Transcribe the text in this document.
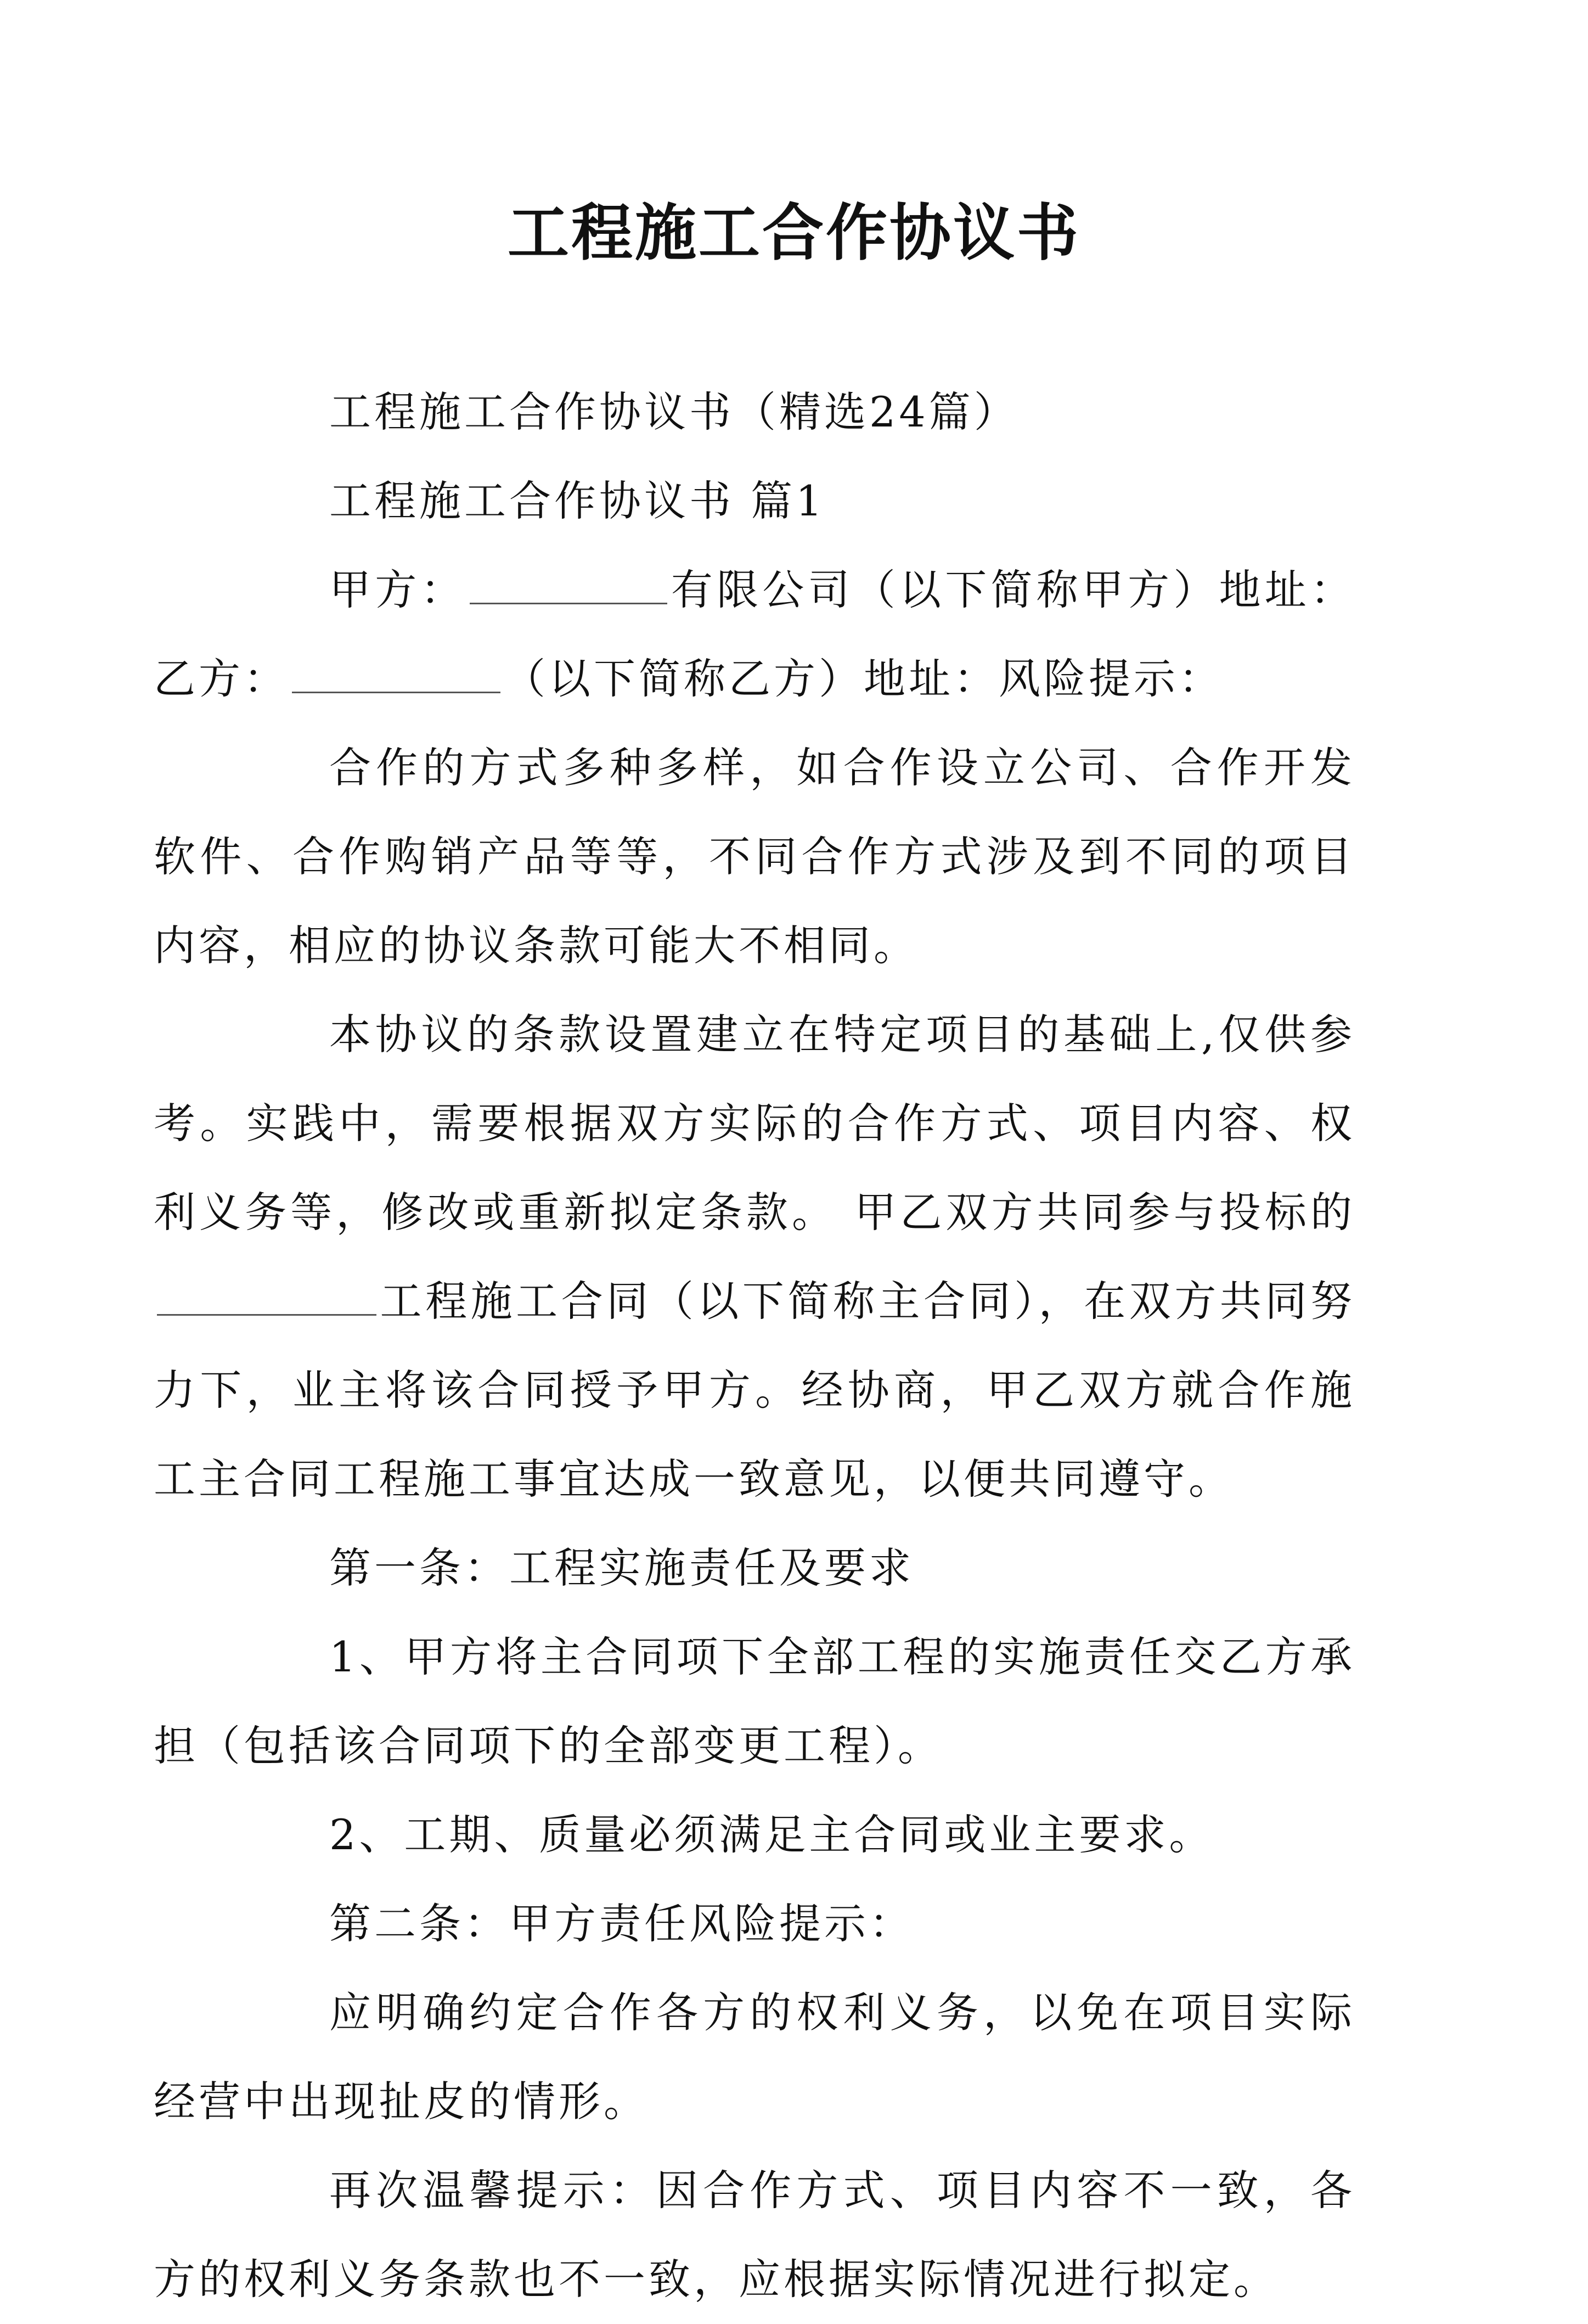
工程施工合作协议书

工程施工合作协议书（精选24篇）

工程施工合作协议书 篇1

甲方：	有限公司（以下简称甲方）地址：乙方：	（以下简称乙方）地址：风险提示：

合作的方式多种多样，如合作设立公司、合作开发软件、合作购销产品等等，不同合作方式涉及到不同的项目内容，相应的协议条款可能大不相同。

本协议的条款设置建立在特定项目的基础上,仅供参考。实践中，需要根据双方实际的合作方式、项目内容、权利义务等，修改或重新拟定条款。 甲乙双方共同参与投标的工程施工合同（以下简称主合同），在双方共同努力下，业主将该合同授予甲方。经协商，甲乙双方就合作施工主合同工程施工事宜达成一致意见，以便共同遵守。

第一条：工程实施责任及要求

1、甲方将主合同项下全部工程的实施责任交乙方承担（包括该合同项下的全部变更工程）。

2、工期、质量必须满足主合同或业主要求。

第二条：甲方责任风险提示：

应明确约定合作各方的权利义务，以免在项目实际经营中出现扯皮的情形。

再次温馨提示：因合作方式、项目内容不一致，各方的权利义务条款也不一致，应根据实际情况进行拟定。
